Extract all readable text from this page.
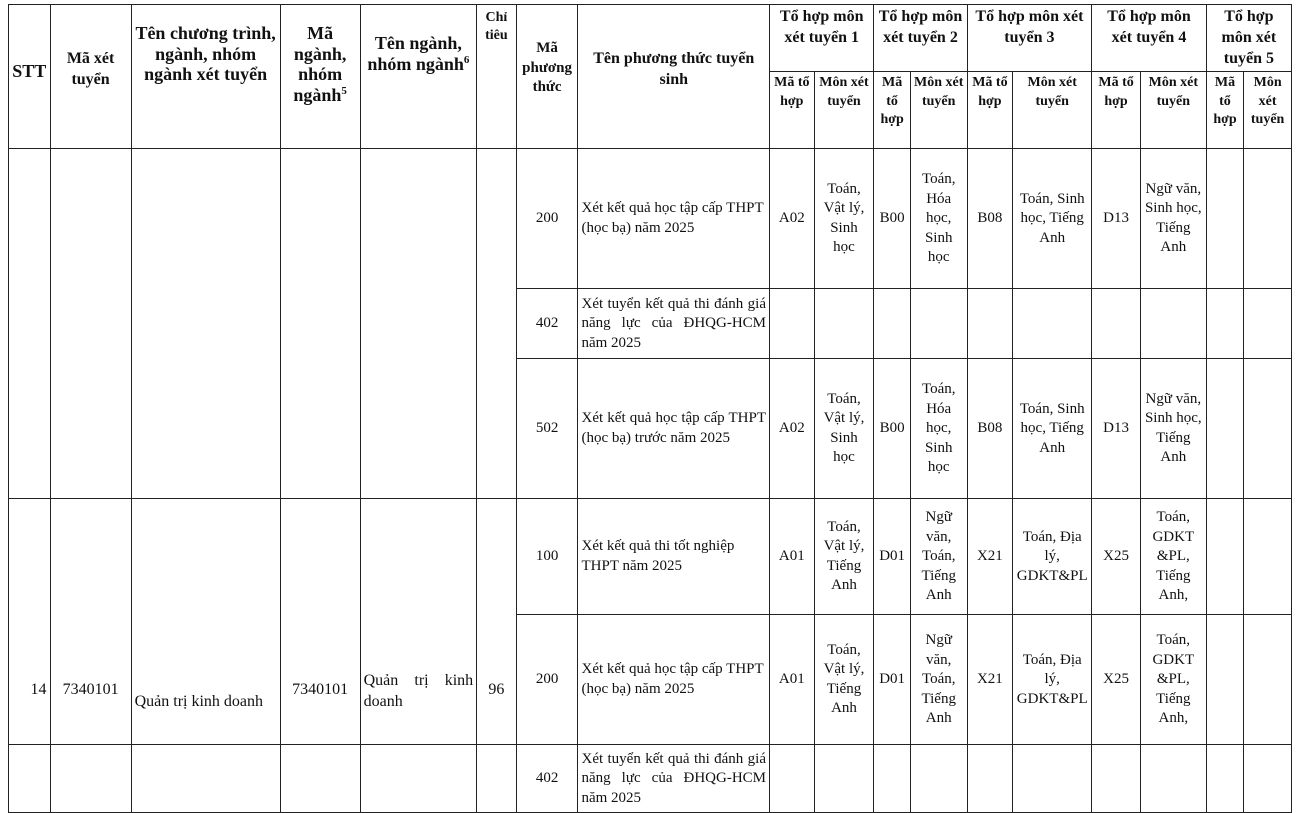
STT	Mã xét tuyển	Tên chương trình, ngành, nhóm ngành xét tuyển	Mã ngành, nhóm ngành$^5$	Tên ngành, nhóm ngành$^6$	Chỉ tiêu	Mã phương thức	Tên phương thức tuyển sinh	Tổ hợp môn xét tuyển 1		Tổ hợp môn xét tuyển 2		Tổ hợp môn xét tuyển 3		Tổ hợp môn xét tuyển 4		Tổ hợp môn xét tuyển 5	
								Mã tổ hợp	Môn xét tuyển	Mã tổ hợp	Môn xét tuyển	Mã tổ hợp	Môn xét tuyển	Mã tổ hợp	Môn xét tuyển	Mã tổ hợp	Môn xét tuyển
						200	Xét kết quả học tập cấp THPT (học bạ) năm 2025	A02	Toán, Vật lý, Sinh học	B00	Toán, Hóa học, Sinh học	B08	Toán, Sinh học, Tiếng Anh	D13	Ngữ văn, Sinh học, Tiếng Anh		
						402	Xét tuyển kết quả thi đánh giá năng lực của ĐHQG-HCM năm 2025										
						502	Xét kết quả học tập cấp THPT (học bạ) trước năm 2025	A02	Toán, Vật lý, Sinh học	B00	Toán, Hóa học, Sinh học	B08	Toán, Sinh học, Tiếng Anh	D13	Ngữ văn, Sinh học, Tiếng Anh		
14	7340101	Quản trị kinh doanh	7340101	Quản trị kinh doanh	96	100	Xét kết quả thi tốt nghiệp THPT năm 2025	A01	Toán, Vật lý, Tiếng Anh	D01	Ngữ văn, Toán, Tiếng Anh	X21	Toán, Địa lý, GDKT&PL	X25	Toán, GDKT &PL, Tiếng Anh,		
						200	Xét kết quả học tập cấp THPT (học bạ) năm 2025	A01	Toán, Vật lý, Tiếng Anh	D01	Ngữ văn, Toán, Tiếng Anh	X21	Toán, Địa lý, GDKT&PL	X25	Toán, GDKT &PL, Tiếng Anh,		
						402	Xét tuyển kết quả thi đánh giá năng lực của ĐHQG-HCM năm 2025										
